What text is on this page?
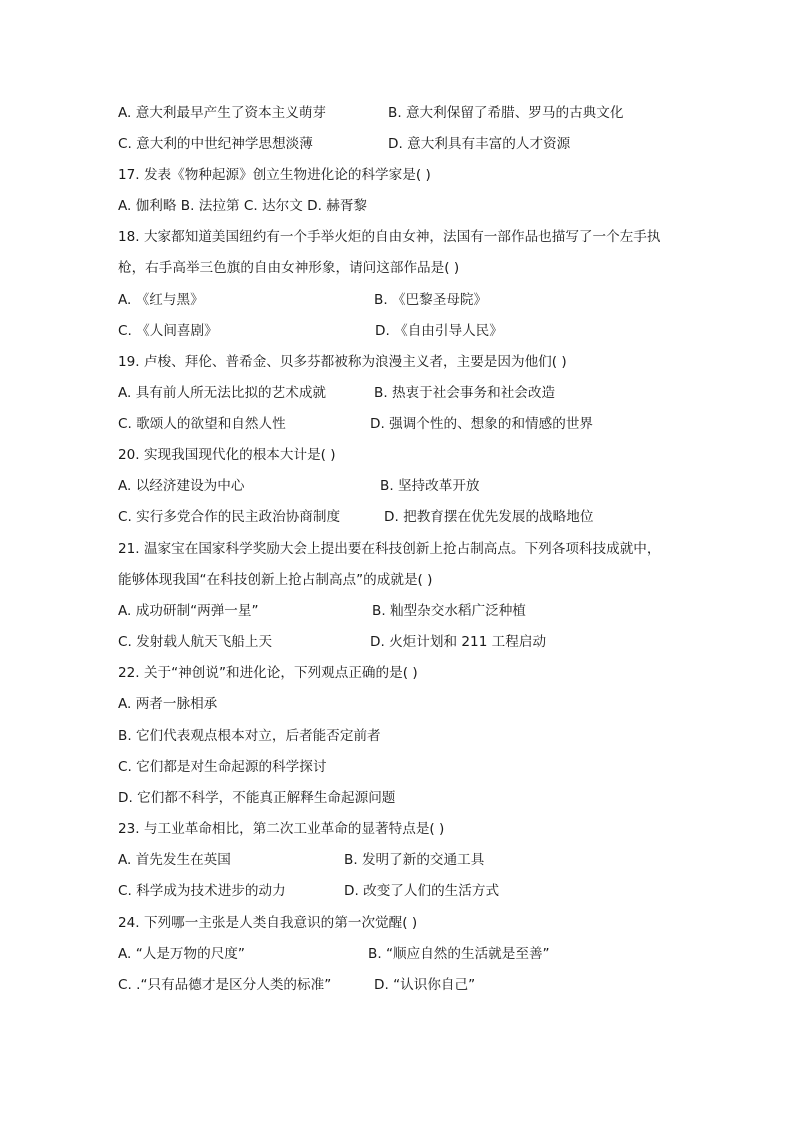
A. 意大利最早产生了资本主义萌芽	B. 意大利保留了希腊、罗马的古典文化
C. 意大利的中世纪神学思想淡薄	D. 意大利具有丰富的人才资源
17. 发表《物种起源》创立生物进化论的科学家是( )
A. 伽利略 B. 法拉第 C. 达尔文 D. 赫胥黎
18. 大家都知道美国纽约有一个手举火炬的自由女神，法国有一部作品也描写了一个左手执
枪，右手高举三色旗的自由女神形象，请问这部作品是( )
A. 《红与黑》	B. 《巴黎圣母院》
C. 《人间喜剧》	D. 《自由引导人民》
19. 卢梭、拜伦、普希金、贝多芬都被称为浪漫主义者，主要是因为他们( )
A. 具有前人所无法比拟的艺术成就	B. 热衷于社会事务和社会改造
C. 歌颂人的欲望和自然人性	D. 强调个性的、想象的和情感的世界
20. 实现我国现代化的根本大计是( )
A. 以经济建设为中心	B. 坚持改革开放
C. 实行多党合作的民主政治协商制度	D. 把教育摆在优先发展的战略地位
21. 温家宝在国家科学奖励大会上提出要在科技创新上抢占制高点。下列各项科技成就中，
能够体现我国“在科技创新上抢占制高点”的成就是( )
A. 成功研制“两弹一星”	B. 籼型杂交水稻广泛种植
C. 发射载人航天飞船上天	D. 火炬计划和 211 工程启动
22. 关于“神创说”和进化论，下列观点正确的是( )
A. 两者一脉相承
B. 它们代表观点根本对立，后者能否定前者
C. 它们都是对生命起源的科学探讨
D. 它们都不科学，不能真正解释生命起源问题
23. 与工业革命相比，第二次工业革命的显著特点是( )
A. 首先发生在英国	B. 发明了新的交通工具
C. 科学成为技术进步的动力	D. 改变了人们的生活方式
24. 下列哪一主张是人类自我意识的第一次觉醒( )
A. “人是万物的尺度”	B. “顺应自然的生活就是至善”
C. .“只有品德才是区分人类的标准”	D. “认识你自己”
